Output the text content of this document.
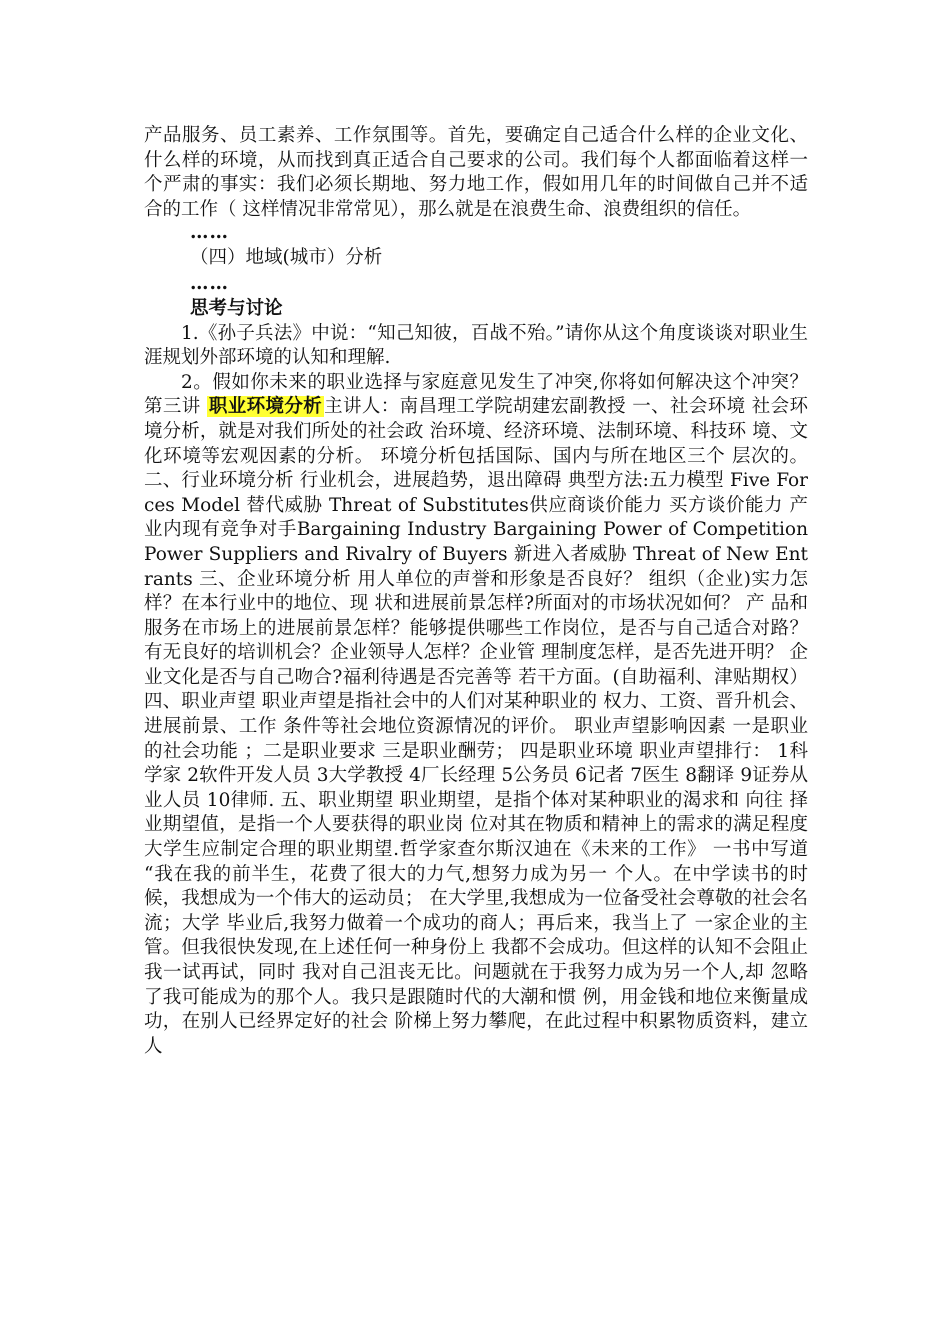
产品服务、员工素养、工作氛围等。首先，要确定自己适合什么样的企业文化、什么样的环境，从而找到真正适合自己要求的公司。我们每个人都面临着这样一个严肃的事实：我们必须长期地、努力地工作，假如用几年的时间做自己并不适合的工作（ 这样情况非常常见），那么就是在浪费生命、浪费组织的信任。

……
（四）地域(城市）分析
……
思考与讨论

1.《孙子兵法》中说：“知己知彼，百战不殆。”请你从这个角度谈谈对职业生涯规划外部环境的认知和理解.

2。假如你未来的职业选择与家庭意见发生了冲突,你将如何解决这个冲突？第三讲 职业环境分析 主讲人：南昌理工学院胡建宏副教授 一、社会环境 社会环境分析，就是对我们所处的社会政 治环境、经济环境、法制环境、科技环 境、文化环境等宏观因素的分析。 环境分析包括国际、国内与所在地区三个 层次的。 二、行业环境分析 行业机会，进展趋势，退出障碍 典型方法:五力模型 Five Forces Model 替代威胁 Threat of Substitutes供应商谈价能力 买方谈价能力 产业内现有竞争对手Bargaining Industry Bargaining Power of Competition Power Suppliers and Rivalry of Buyers 新进入者威胁 Threat of New Entrants 三、企业环境分析 用人单位的声誉和形象是否良好？ 组织（企业)实力怎样？在本行业中的地位、现 状和进展前景怎样?所面对的市场状况如何？ 产 品和服务在市场上的进展前景怎样？能够提供哪些工作岗位，是否与自己适合对路？ 有无良好的培训机会？企业领导人怎样？企业管 理制度怎样，是否先进开明？ 企业文化是否与自己吻合?福利待遇是否完善等 若干方面。(自助福利、津贴期权） 四、职业声望 职业声望是指社会中的人们对某种职业的 权力、工资、晋升机会、进展前景、工作 条件等社会地位资源情况的评价。 职业声望影响因素 一是职业的社会功能 ；二是职业要求 三是职业酬劳； 四是职业环境 职业声望排行： 1科学家 2软件开发人员 3大学教授 4厂长经理 5公务员 6记者 7医生 8翻译 9证券从业人员 10律师. 五、职业期望 职业期望，是指个体对某种职业的渴求和 向往 择业期望值，是指一个人要获得的职业岗 位对其在物质和精神上的需求的满足程度 大学生应制定合理的职业期望.哲学家查尔斯汉迪在《未来的工作》 一书中写道 “我在我的前半生，花费了很大的力气,想努力成为另一 个人。在中学读书的时候，我想成为一个伟大的运动员； 在大学里,我想成为一位备受社会尊敬的社会名流；大学 毕业后,我努力做着一个成功的商人；再后来，我当上了 一家企业的主管。但我很快发现,在上述任何一种身份上 我都不会成功。但这样的认知不会阻止我一试再试，同时 我对自己沮丧无比。问题就在于我努力成为另一个人,却 忽略了我可能成为的那个人。我只是跟随时代的大潮和惯 例，用金钱和地位来衡量成功，在别人已经界定好的社会 阶梯上努力攀爬，在此过程中积累物质资料，建立人
